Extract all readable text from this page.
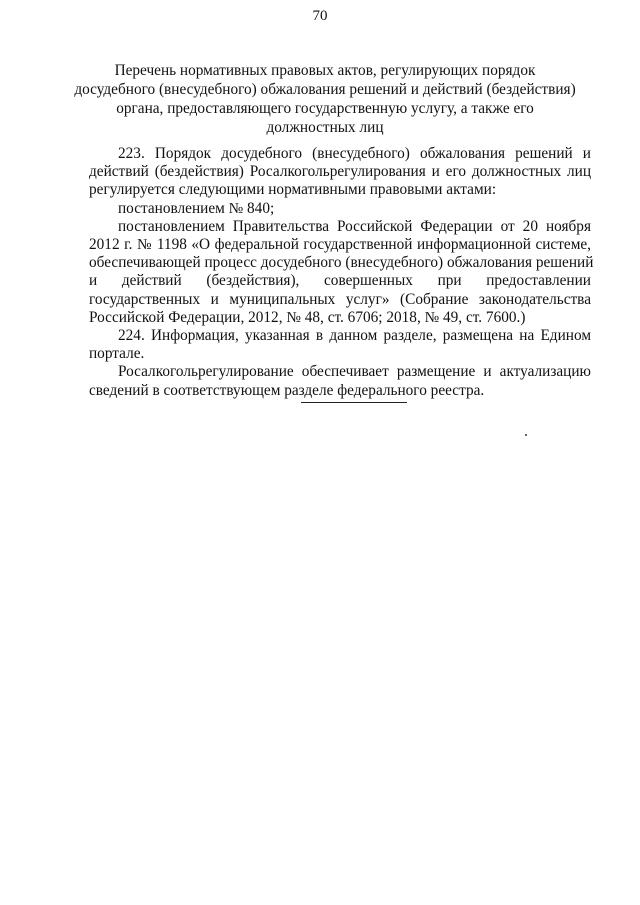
70
Перечень нормативных правовых актов, регулирующих порядок
досудебного (внесудебного) обжалования решений и действий (бездействия)
органа, предоставляющего государственную услугу, а также его
должностных лиц

223. Порядок досудебного (внесудебного) обжалования решений и
действий (бездействия) Росалкогольрегулирования и его должностных лиц
регулируется следующими нормативными правовыми актами:

постановлением № 840;

постановлением Правительства Российской Федерации от 20 ноября
2012 г. № 1198 «О федеральной государственной информационной системе,
обеспечивающей процесс досудебного (внесудебного) обжалования решений
и действий (бездействия), совершенных при предоставлении
государственных и муниципальных услуг» (Собрание законодательства
Российской Федерации, 2012, № 48, ст. 6706; 2018, № 49, ст. 7600.)

224. Информация, указанная в данном разделе, размещена на Едином
портале.

Росалкогольрегулирование обеспечивает размещение и актуализацию
сведений в соответствующем разделе федерального реестра.
